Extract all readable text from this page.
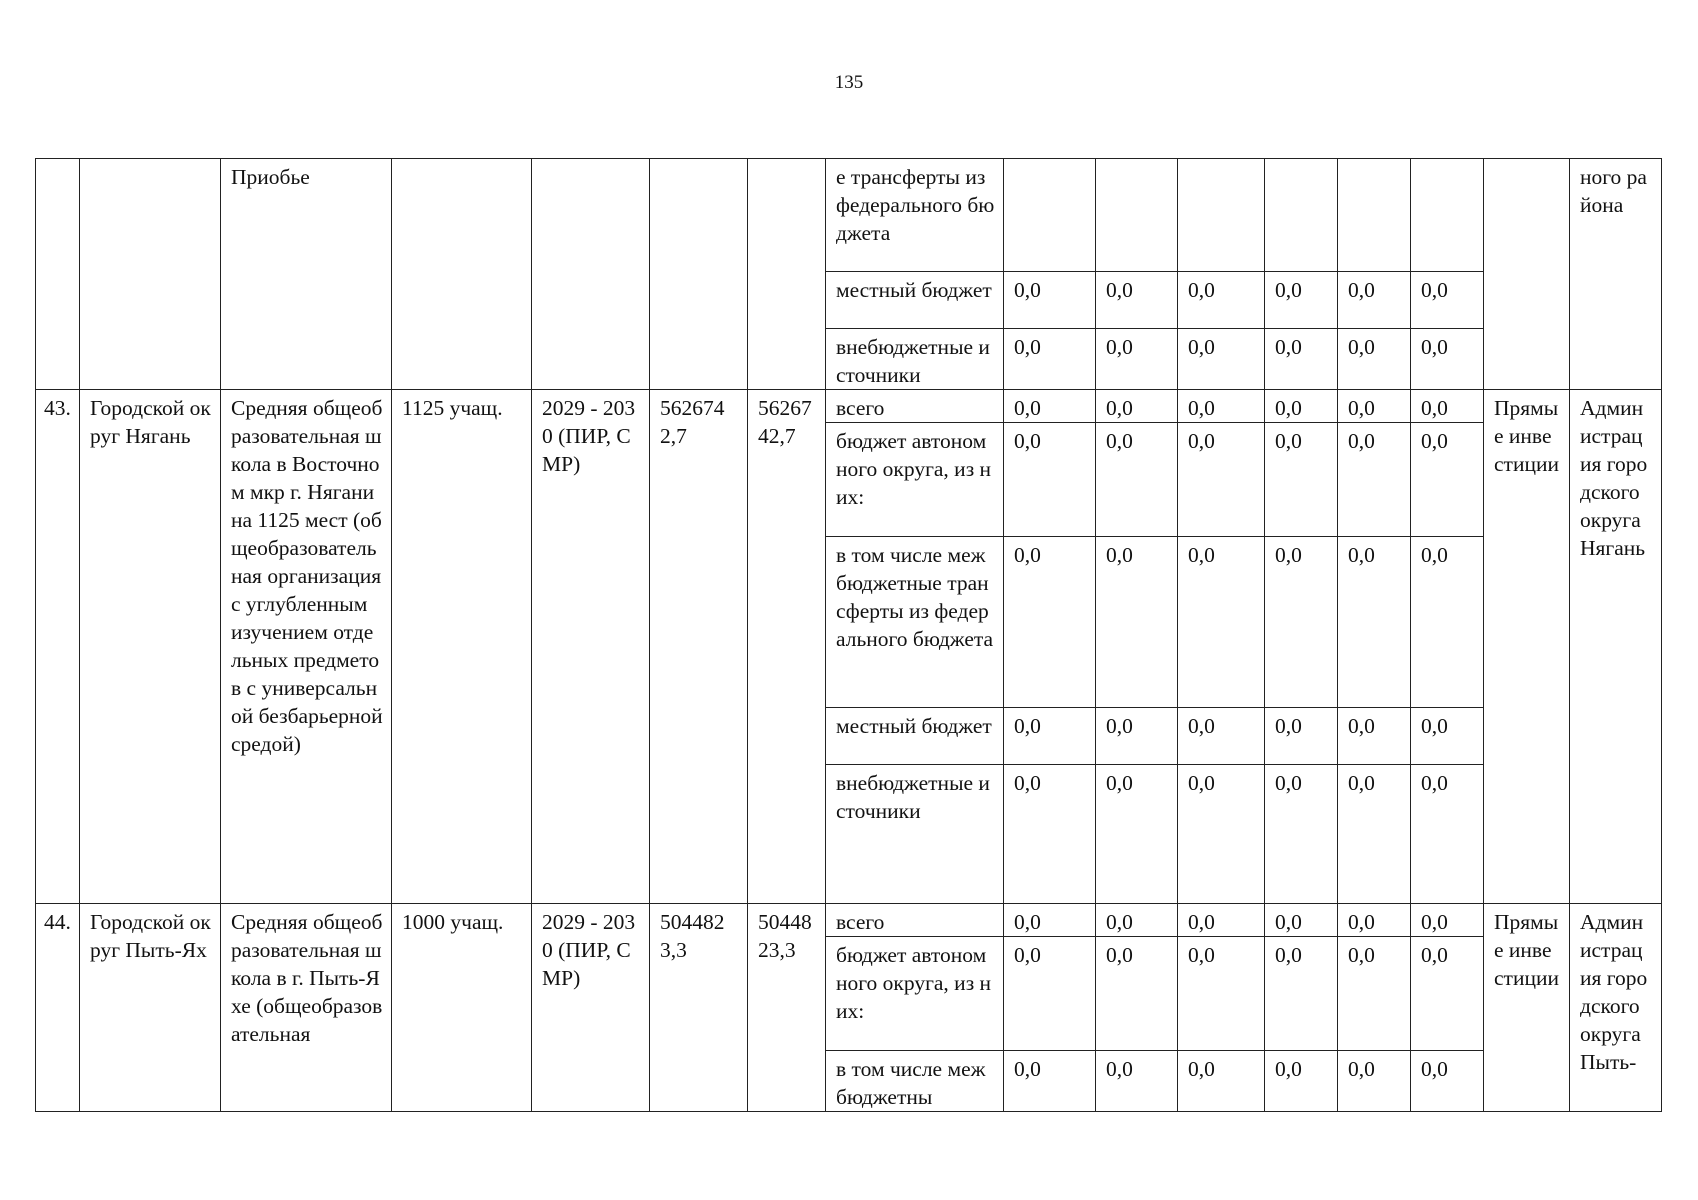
135
		Приобье					е трансферты из федерального бюджета								ного района
							местный бюджет	0,0	0,0	0,0	0,0	0,0	0,0		
							внебюджетные источники	0,0	0,0	0,0	0,0	0,0	0,0		
43.	Городской округ Нягань	Средняя общеобразовательная школа в Восточном мкр г. Нягани на 1125 мест (общеобразовательная организация с углубленным изучением отдельных предметов с универсальной безбарьерной средой)	1125 учащ.	2029 - 2030 (ПИР, СМР)	5626742,7	5626742,7	всего	0,0	0,0	0,0	0,0	0,0	0,0	Прямые инвестиции	Администрация городского округа Нягань
							бюджет автономного округа, из них:	0,0	0,0	0,0	0,0	0,0	0,0		
							в том числе межбюджетные трансферты из федерального бюджета	0,0	0,0	0,0	0,0	0,0	0,0		
							местный бюджет	0,0	0,0	0,0	0,0	0,0	0,0		
							внебюджетные источники	0,0	0,0	0,0	0,0	0,0	0,0		
44.	Городской округ Пыть-Ях	Средняя общеобразовательная школа в г. Пыть-Яхе (общеобразовательная	1000 учащ.	2029 - 2030 (ПИР, СМР)	5044823,3	5044823,3	всего	0,0	0,0	0,0	0,0	0,0	0,0	Прямые инвестиции	Администрация городского округа Пыть-
							бюджет автономного округа, из них:	0,0	0,0	0,0	0,0	0,0	0,0		
							в том числе межбюджетны	0,0	0,0	0,0	0,0	0,0	0,0		
